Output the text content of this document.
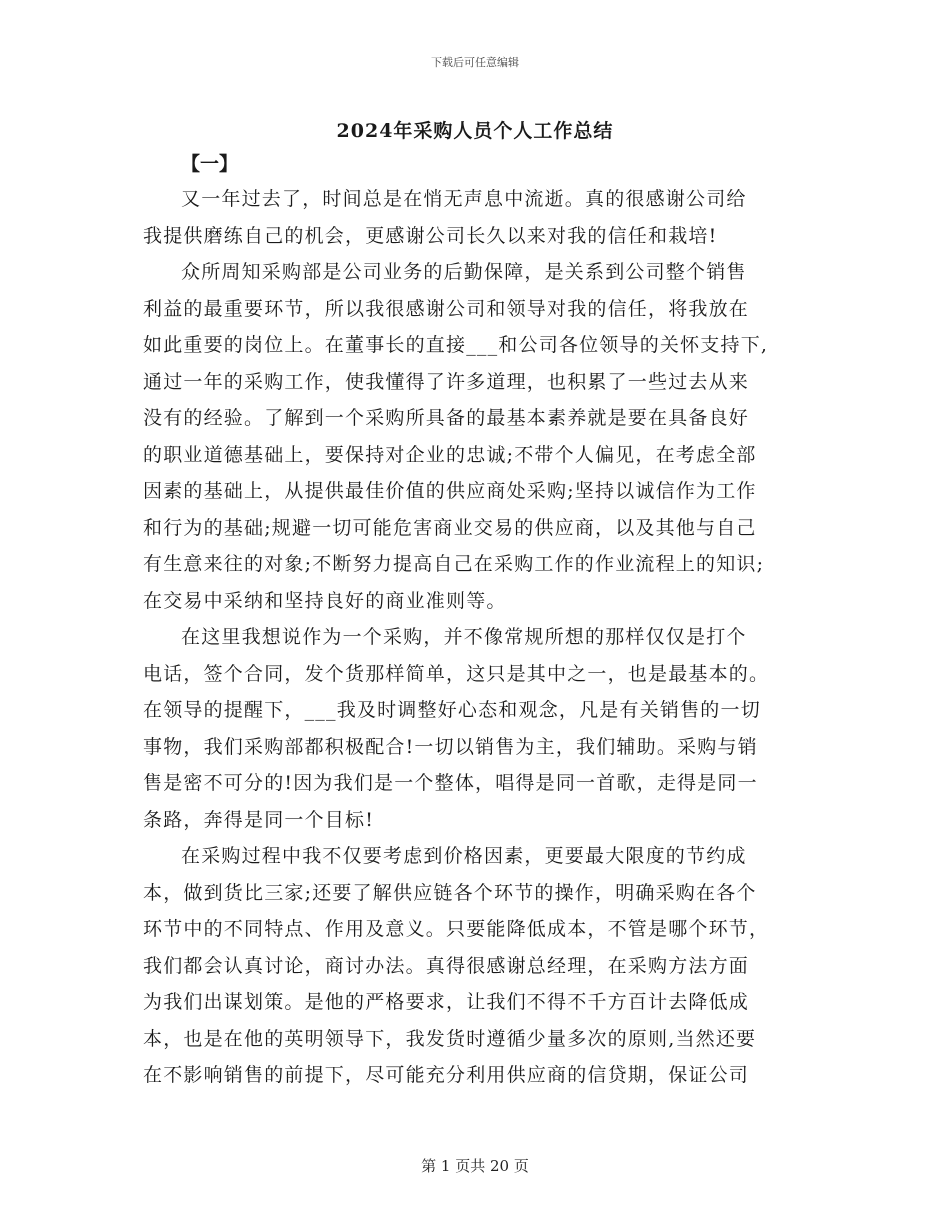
下载后可任意编辑
2024年采购人员个人工作总结
【一】
又一年过去了，时间总是在悄无声息中流逝。真的很感谢公司给
我提供磨练自己的机会，更感谢公司长久以来对我的信任和栽培!
众所周知采购部是公司业务的后勤保障，是关系到公司整个销售
利益的最重要环节，所以我很感谢公司和领导对我的信任，将我放在
如此重要的岗位上。在董事长的直接___和公司各位领导的关怀支持下,
通过一年的采购工作，使我懂得了许多道理，也积累了一些过去从来
没有的经验。了解到一个采购所具备的最基本素养就是要在具备良好
的职业道德基础上，要保持对企业的忠诚;不带个人偏见，在考虑全部
因素的基础上，从提供最佳价值的供应商处采购;坚持以诚信作为工作
和行为的基础;规避一切可能危害商业交易的供应商，以及其他与自己
有生意来往的对象;不断努力提高自己在采购工作的作业流程上的知识;
在交易中采纳和坚持良好的商业准则等。
在这里我想说作为一个采购，并不像常规所想的那样仅仅是打个
电话，签个合同，发个货那样简单，这只是其中之一，也是最基本的。
在领导的提醒下，___我及时调整好心态和观念，凡是有关销售的一切
事物，我们采购部都积极配合!一切以销售为主，我们辅助。采购与销
售是密不可分的!因为我们是一个整体，唱得是同一首歌，走得是同一
条路，奔得是同一个目标!
在采购过程中我不仅要考虑到价格因素，更要最大限度的节约成
本，做到货比三家;还要了解供应链各个环节的操作，明确采购在各个
环节中的不同特点、作用及意义。只要能降低成本，不管是哪个环节，
我们都会认真讨论，商讨办法。真得很感谢总经理，在采购方法方面
为我们出谋划策。是他的严格要求，让我们不得不千方百计去降低成
本，也是在他的英明领导下，我发货时遵循少量多次的原则,当然还要
在不影响销售的前提下，尽可能充分利用供应商的信贷期，保证公司
第 1 页共 20 页
